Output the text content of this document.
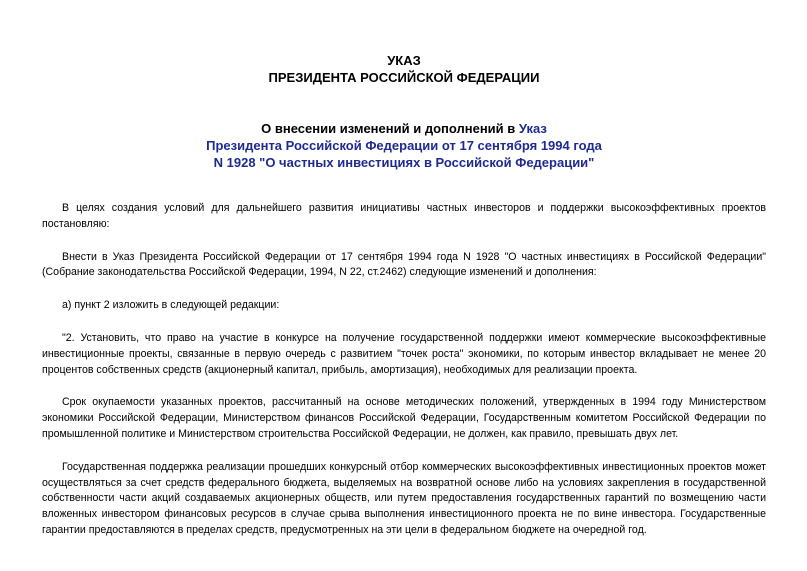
УКАЗ
ПРЕЗИДЕНТА РОССИЙСКОЙ ФЕДЕРАЦИИ
О внесении изменений и дополнений в Указ
Президента Российской Федерации от 17 сентября 1994 года
N 1928 "О частных инвестициях в Российской Федерации"

В целях создания условий для дальнейшего развития инициативы частных инвесторов и поддержки высокоэффективных проектов постановляю:

Внести в Указ Президента Российской Федерации от 17 сентября 1994 года N 1928 "О частных инвестициях в Российской Федерации" (Собрание законодательства Российской Федерации, 1994, N 22, ст.2462) следующие изменений и дополнения:

а) пункт 2 изложить в следующей редакции:

"2. Установить, что право на участие в конкурсе на получение государственной поддержки имеют коммерческие высокоэффективные инвестиционные проекты, связанные в первую очередь с развитием "точек роста" экономики, по которым инвестор вкладывает не менее 20 процентов собственных средств (акционерный капитал, прибыль, амортизация), необходимых для реализации проекта.

Срок окупаемости указанных проектов, рассчитанный на основе методических положений, утвержденных в 1994 году Министерством экономики Российской Федерации, Министерством финансов Российской Федерации, Государственным комитетом Российской Федерации по промышленной политике и Министерством строительства Российской Федерации, не должен, как правило, превышать двух лет.

Государственная поддержка реализации прошедших конкурсный отбор коммерческих высокоэффективных инвестиционных проектов может осуществляться за счет средств федерального бюджета, выделяемых на возвратной основе либо на условиях закрепления в государственной собственности части акций создаваемых акционерных обществ, или путем предоставления государственных гарантий по возмещению части вложенных инвестором финансовых ресурсов в случае срыва выполнения инвестиционного проекта не по вине инвестора. Государственные гарантии предоставляются в пределах средств, предусмотренных на эти цели в федеральном бюджете на очередной год.
